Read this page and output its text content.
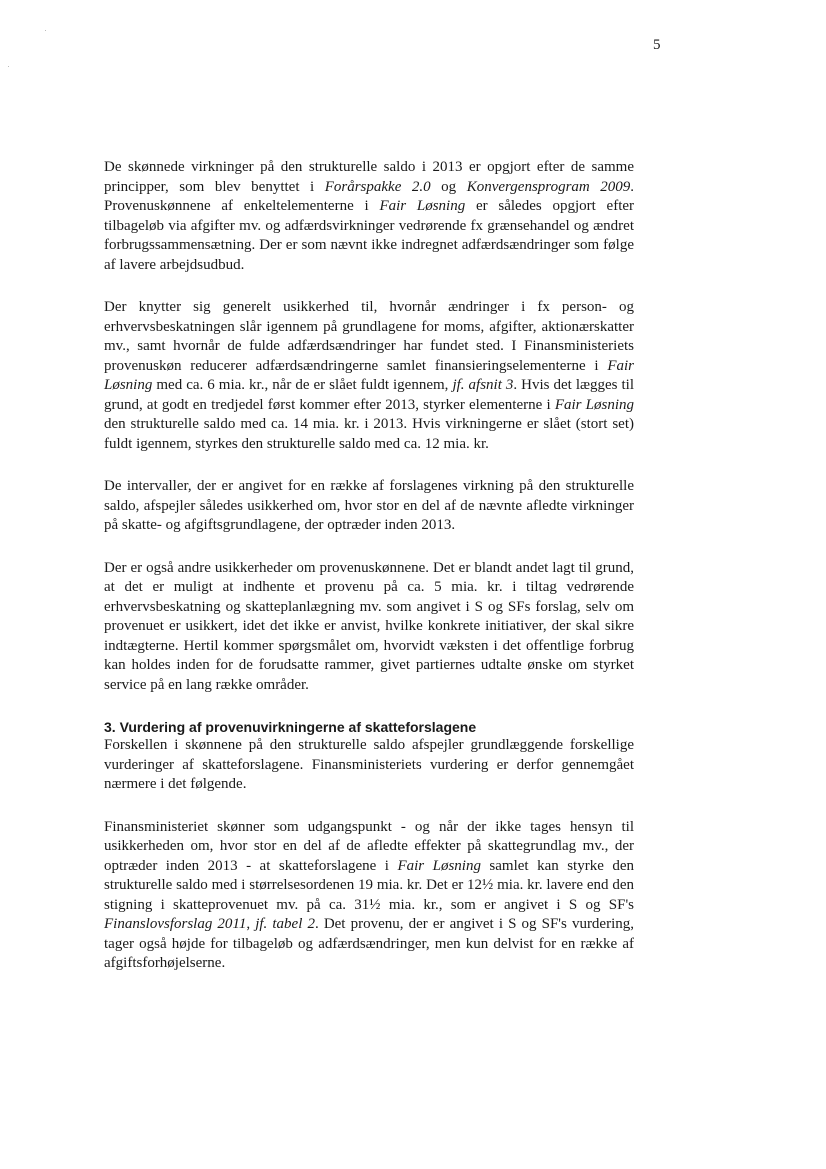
5

De skønnede virkninger på den strukturelle saldo i 2013 er opgjort efter de samme principper, som blev benyttet i Forårspakke 2.0 og Konvergensprogram 2009. Provenuskønnene af enkeltelementerne i Fair Løsning er således opgjort efter tilbageløb via afgifter mv. og adfærdsvirkninger vedrørende fx grænsehandel og ændret forbrugssammensætning. Der er som nævnt ikke indregnet adfærdsændringer som følge af lavere arbejdsudbud.

Der knytter sig generelt usikkerhed til, hvornår ændringer i fx person- og erhvervsbeskatningen slår igennem på grundlagene for moms, afgifter, aktionærskatter mv., samt hvornår de fulde adfærdsændringer har fundet sted. I Finansministeriets provenuskøn reducerer adfærdsændringerne samlet finansieringselementerne i Fair Løsning med ca. 6 mia. kr., når de er slået fuldt igennem, jf. afsnit 3. Hvis det lægges til grund, at godt en tredjedel først kommer efter 2013, styrker elementerne i Fair Løsning den strukturelle saldo med ca. 14 mia. kr. i 2013. Hvis virkningerne er slået (stort set) fuldt igennem, styrkes den strukturelle saldo med ca. 12 mia. kr.

De intervaller, der er angivet for en række af forslagenes virkning på den strukturelle saldo, afspejler således usikkerhed om, hvor stor en del af de nævnte afledte virkninger på skatte- og afgiftsgrundlagene, der optræder inden 2013.

Der er også andre usikkerheder om provenuskønnene. Det er blandt andet lagt til grund, at det er muligt at indhente et provenu på ca. 5 mia. kr. i tiltag vedrørende erhvervsbeskatning og skatteplanlægning mv. som angivet i S og SFs forslag, selv om provenuet er usikkert, idet det ikke er anvist, hvilke konkrete initiativer, der skal sikre indtægterne. Hertil kommer spørgsmålet om, hvorvidt væksten i det offentlige forbrug kan holdes inden for de forudsatte rammer, givet partiernes udtalte ønske om styrket service på en lang række områder.

3. Vurdering af provenuvirkningerne af skatteforslagene

Forskellen i skønnene på den strukturelle saldo afspejler grundlæggende forskellige vurderinger af skatteforslagene. Finansministeriets vurdering er derfor gennemgået nærmere i det følgende.

Finansministeriet skønner som udgangspunkt - og når der ikke tages hensyn til usikkerheden om, hvor stor en del af de afledte effekter på skattegrundlag mv., der optræder inden 2013 - at skatteforslagene i Fair Løsning samlet kan styrke den strukturelle saldo med i størrelsesordenen 19 mia. kr. Det er 12½ mia. kr. lavere end den stigning i skatteprovenuet mv. på ca. 31½ mia. kr., som er angivet i S og SF's Finanslovsforslag 2011, jf. tabel 2. Det provenu, der er angivet i S og SF's vurdering, tager også højde for tilbageløb og adfærdsændringer, men kun delvist for en række af afgiftsforhøjelserne.
